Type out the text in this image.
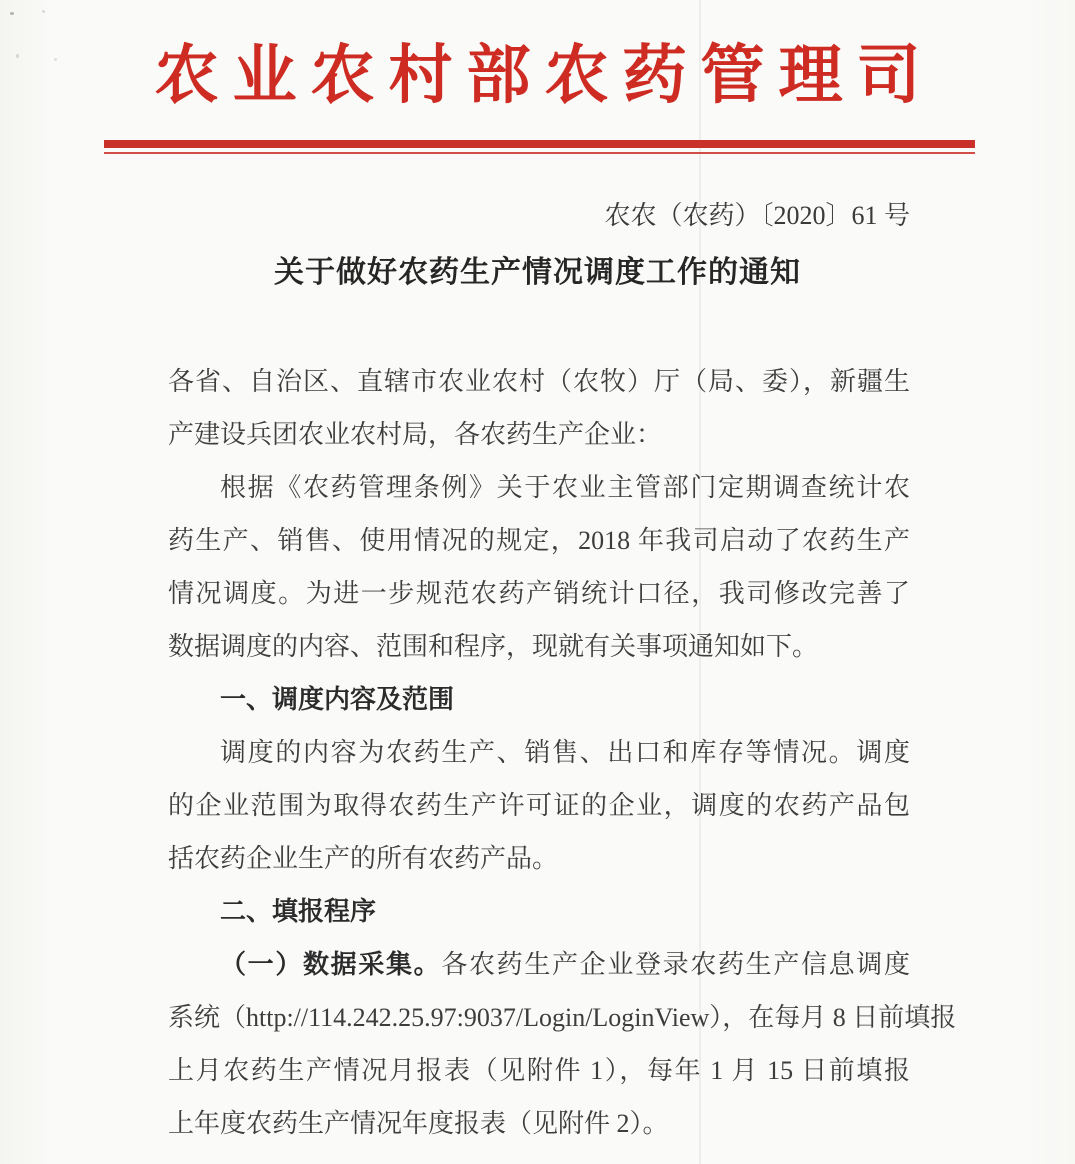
农业农村部农药管理司
农农（农药）〔2020〕61 号
关于做好农药生产情况调度工作的通知
各省、自治区、直辖市农业农村（农牧）厅（局、委），新疆生
产建设兵团农业农村局，各农药生产企业：
根据《农药管理条例》关于农业主管部门定期调查统计农
药生产、销售、使用情况的规定，2018 年我司启动了农药生产
情况调度。为进一步规范农药产销统计口径，我司修改完善了
数据调度的内容、范围和程序，现就有关事项通知如下。
一、调度内容及范围
调度的内容为农药生产、销售、出口和库存等情况。调度
的企业范围为取得农药生产许可证的企业，调度的农药产品包
括农药企业生产的所有农药产品。
二、填报程序
（一）数据采集。各农药生产企业登录农药生产信息调度
系统（http://114.242.25.97:9037/Login/LoginView），在每月 8 日前填报
上月农药生产情况月报表（见附件 1），每年 1 月 15 日前填报
上年度农药生产情况年度报表（见附件 2）。
